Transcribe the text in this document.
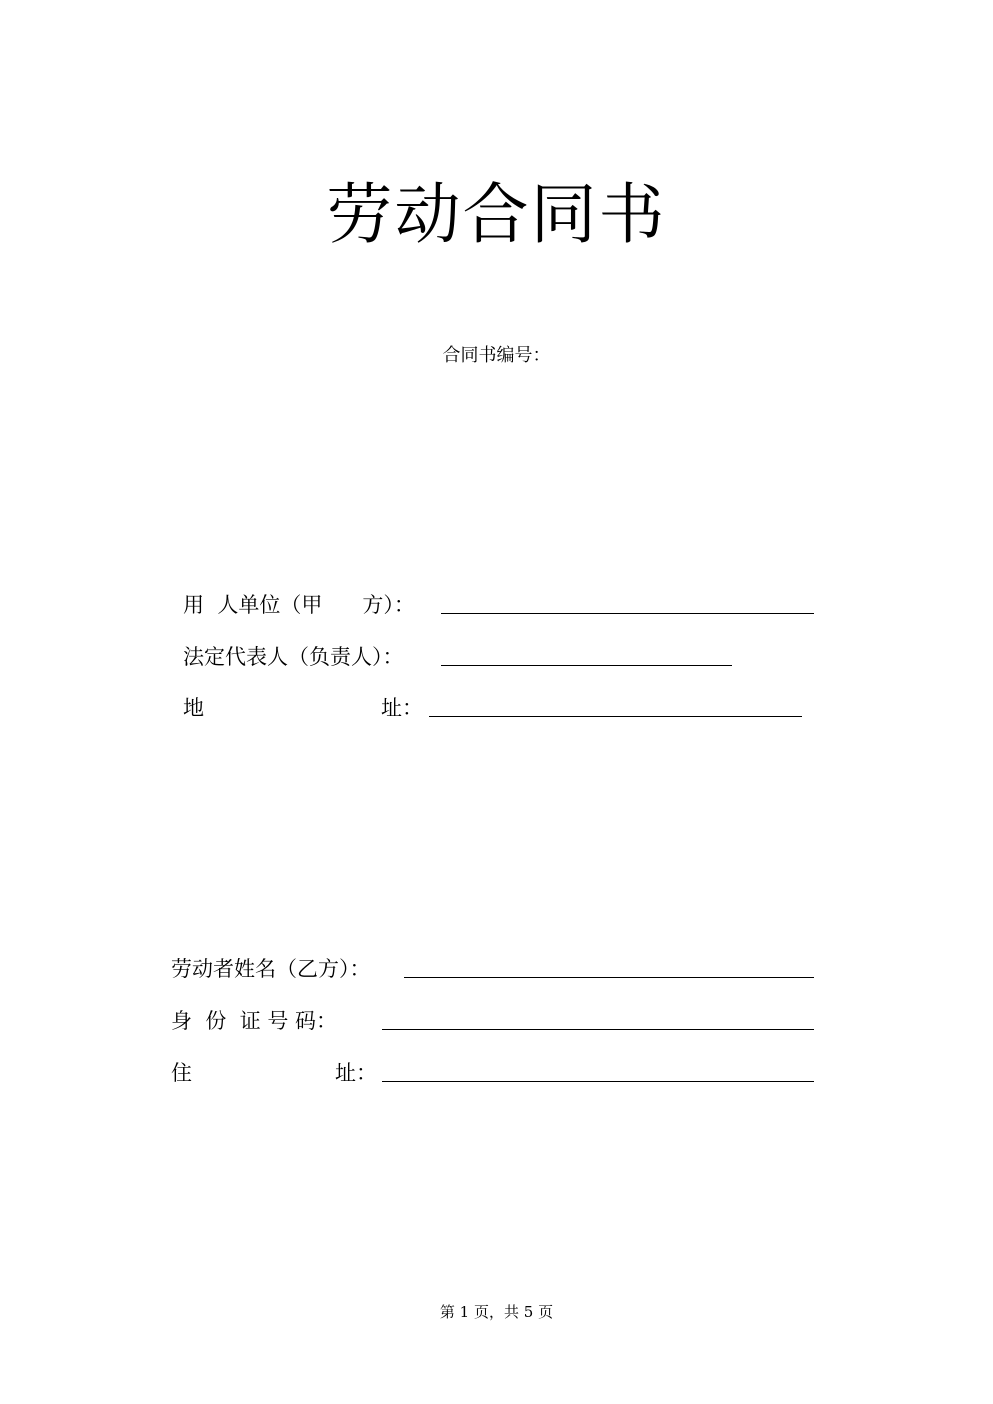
劳动合同书
合同书编号：
用  人单位（甲      方）：
法定代表人（负责人）：
地	址：
劳动者姓名（乙方）：
身  份  证 号 码：
住	址：
第 1 页，共 5 页
